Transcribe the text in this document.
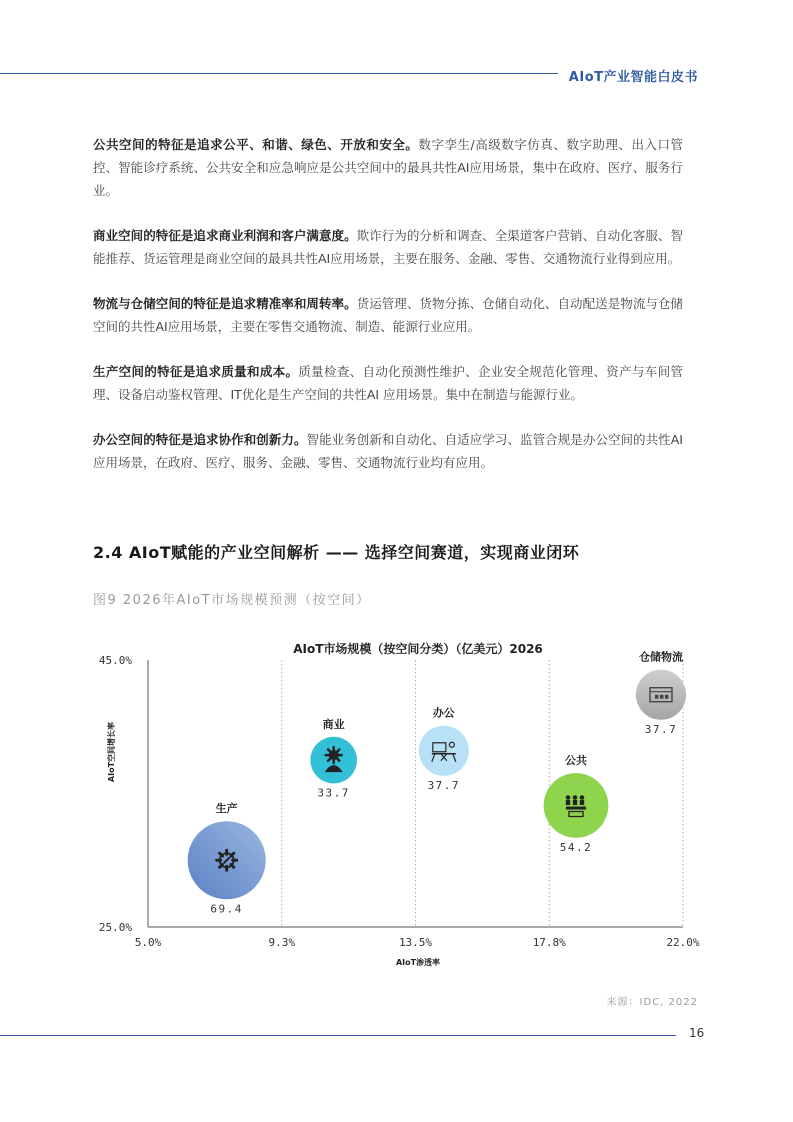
AIoT产业智能白皮书

公共空间的特征是追求公平、和谐、绿色、开放和安全。数字孪生/高级数字仿真、数字助理、出入口管控、智能诊疗系统、公共安全和应急响应是公共空间中的最具共性AI应用场景，集中在政府、医疗、服务行业。

商业空间的特征是追求商业利润和客户满意度。欺诈行为的分析和调查、全渠道客户营销、自动化客服、智能推荐、货运管理是商业空间的最具共性AI应用场景，主要在服务、金融、零售、交通物流行业得到应用。

物流与仓储空间的特征是追求精准率和周转率。货运管理、货物分拣、仓储自动化、自动配送是物流与仓储空间的共性AI应用场景，主要在零售交通物流、制造、能源行业应用。

生产空间的特征是追求质量和成本。质量检查、自动化预测性维护、企业安全规范化管理、资产与车间管理、设备启动鉴权管理、IT优化是生产空间的共性AI 应用场景。集中在制造与能源行业。

办公空间的特征是追求协作和创新力。智能业务创新和自动化、自适应学习、监管合规是办公空间的共性AI应用场景，在政府、医疗、服务、金融、零售、交通物流行业均有应用。

2.4 AIoT赋能的产业空间解析 —— 选择空间赛道，实现商业闭环
图9 2026年AIoT市场规模预测（按空间）
AIoT市场规模（按空间分类）（亿美元）2026
AIoT空间增长率
AIoT渗透率
5.0%	9.3%	13.5%	17.8%	22.0%
25.0%
45.0%
生产
69.4
商业
33.7
办公
37.7
公共
54.2
仓储物流
37.7
来源：IDC, 2022
16
